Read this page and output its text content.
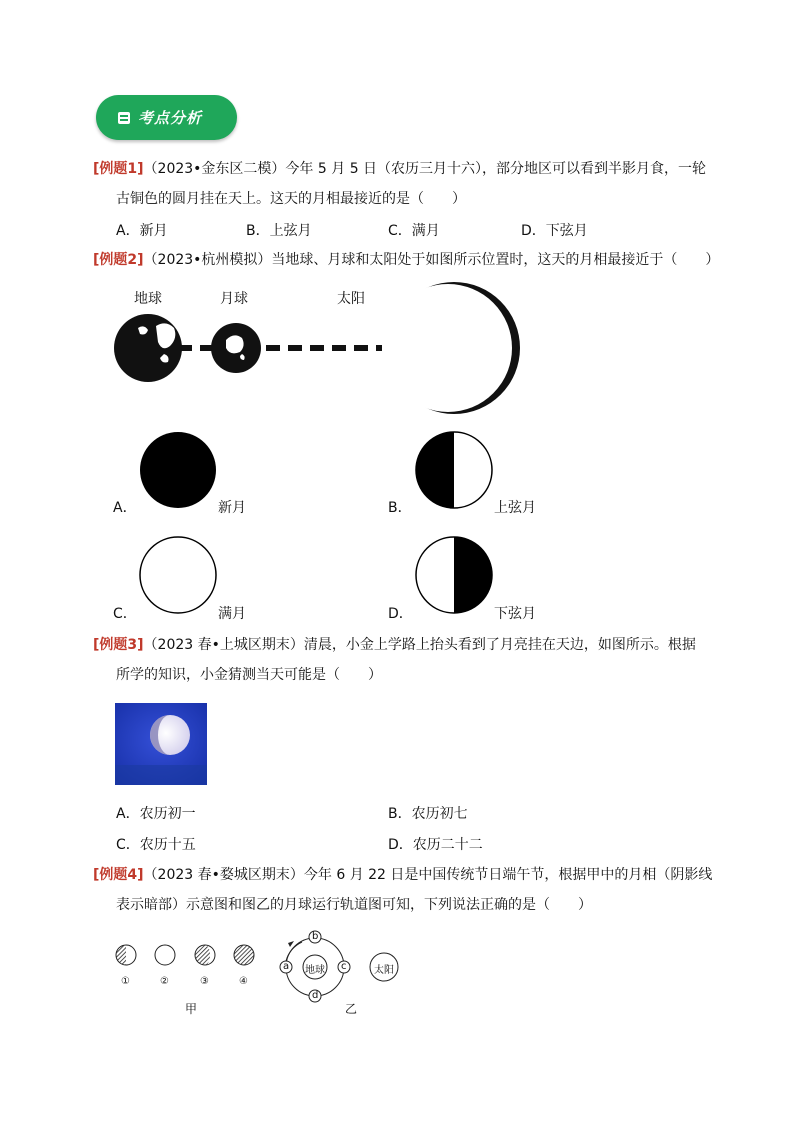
考点分析
[例题1]（2023•金东区二模）今年 5 月 5 日（农历三月十六），部分地区可以看到半影月食，一轮
古铜色的圆月挂在天上。这天的月相最接近的是（　　）
A．新月	B．上弦月	C．满月	D．下弦月
[例题2]（2023•杭州模拟）当地球、月球和太阳处于如图所示位置时，这天的月相最接近于（　　）
地球	月球	太阳
A．	新月	B．	上弦月
C．	满月	D．	下弦月
[例题3]（2023 春•上城区期末）清晨，小金上学路上抬头看到了月亮挂在天边，如图所示。根据
所学的知识，小金猜测当天可能是（　　）
A．农历初一	B．农历初七
C．农历十五	D．农历二十二
[例题4]（2023 春•婺城区期末）今年 6 月 22 日是中国传统节日端午节，根据甲中的月相（阴影线
表示暗部）示意图和图乙的月球运行轨道图可知，下列说法正确的是（　　）
①	②	③	④
甲
a
b
c
d
地球	太阳
乙
